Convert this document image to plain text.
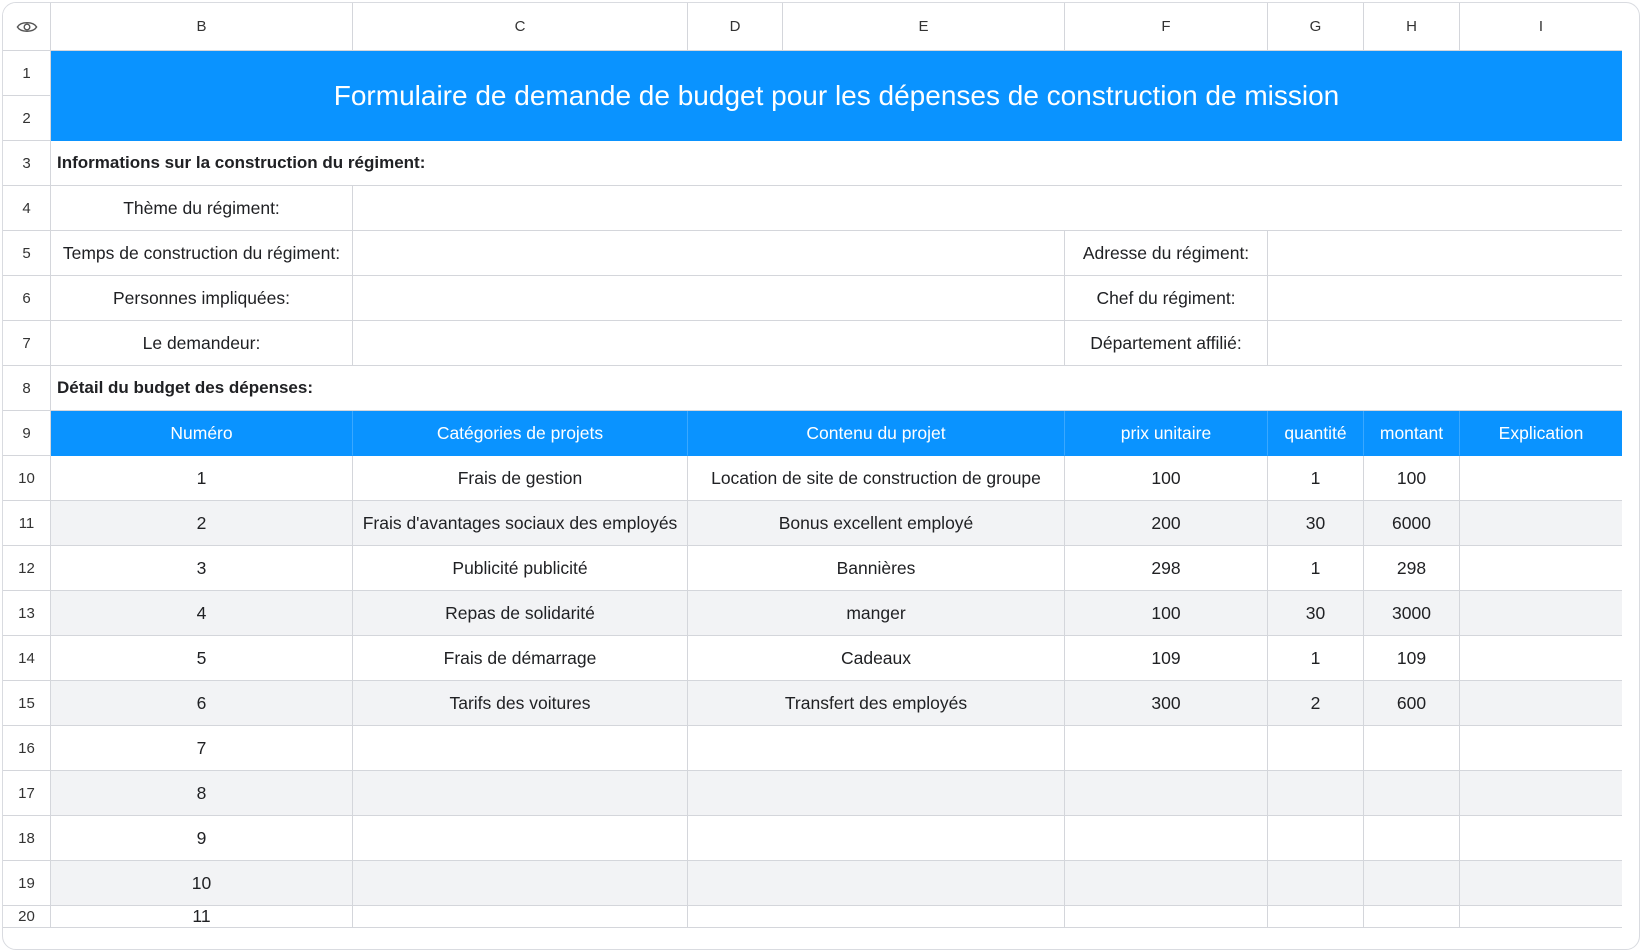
B	C	D	E	F	G	H	I
1
2
3
4
5
6
7
8
9
10
11
12
13
14
15
16
17
18
19
20
Formulaire de demande de budget pour les dépenses de construction de mission
Informations sur la construction du régiment:
Thème du régiment:
Temps de construction du régiment:	Adresse du régiment:
Personnes impliquées:	Chef du régiment:
Le demandeur:	Département affilié:
Détail du budget des dépenses:
Numéro	Catégories de projets	Contenu du projet	prix unitaire	quantité	montant	Explication
1	Frais de gestion	Location de site de construction de groupe	100	1	100
2	Frais d'avantages sociaux des employés	Bonus excellent employé	200	30	6000
3	Publicité publicité	Bannières	298	1	298
4	Repas de solidarité	manger	100	30	3000
5	Frais de démarrage	Cadeaux	109	1	109
6	Tarifs des voitures	Transfert des employés	300	2	600
7
8
9
10
11
